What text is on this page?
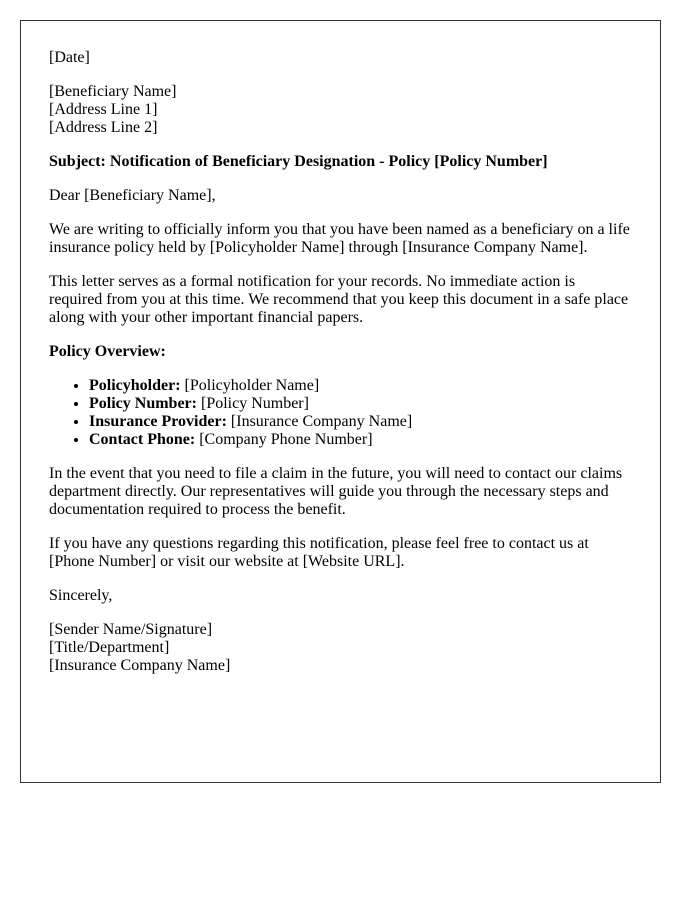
[Date]

[Beneficiary Name]
[Address Line 1]
[Address Line 2]

Subject: Notification of Beneficiary Designation - Policy [Policy Number]

Dear [Beneficiary Name],

We are writing to officially inform you that you have been named as a beneficiary on a life insurance policy held by [Policyholder Name] through [Insurance Company Name].

This letter serves as a formal notification for your records. No immediate action is required from you at this time. We recommend that you keep this document in a safe place along with your other important financial papers.

Policy Overview:

• Policyholder: [Policyholder Name]
• Policy Number: [Policy Number]
• Insurance Provider: [Insurance Company Name]
• Contact Phone: [Company Phone Number]

In the event that you need to file a claim in the future, you will need to contact our claims department directly. Our representatives will guide you through the necessary steps and documentation required to process the benefit.

If you have any questions regarding this notification, please feel free to contact us at [Phone Number] or visit our website at [Website URL].

Sincerely,

[Sender Name/Signature]
[Title/Department]
[Insurance Company Name]
